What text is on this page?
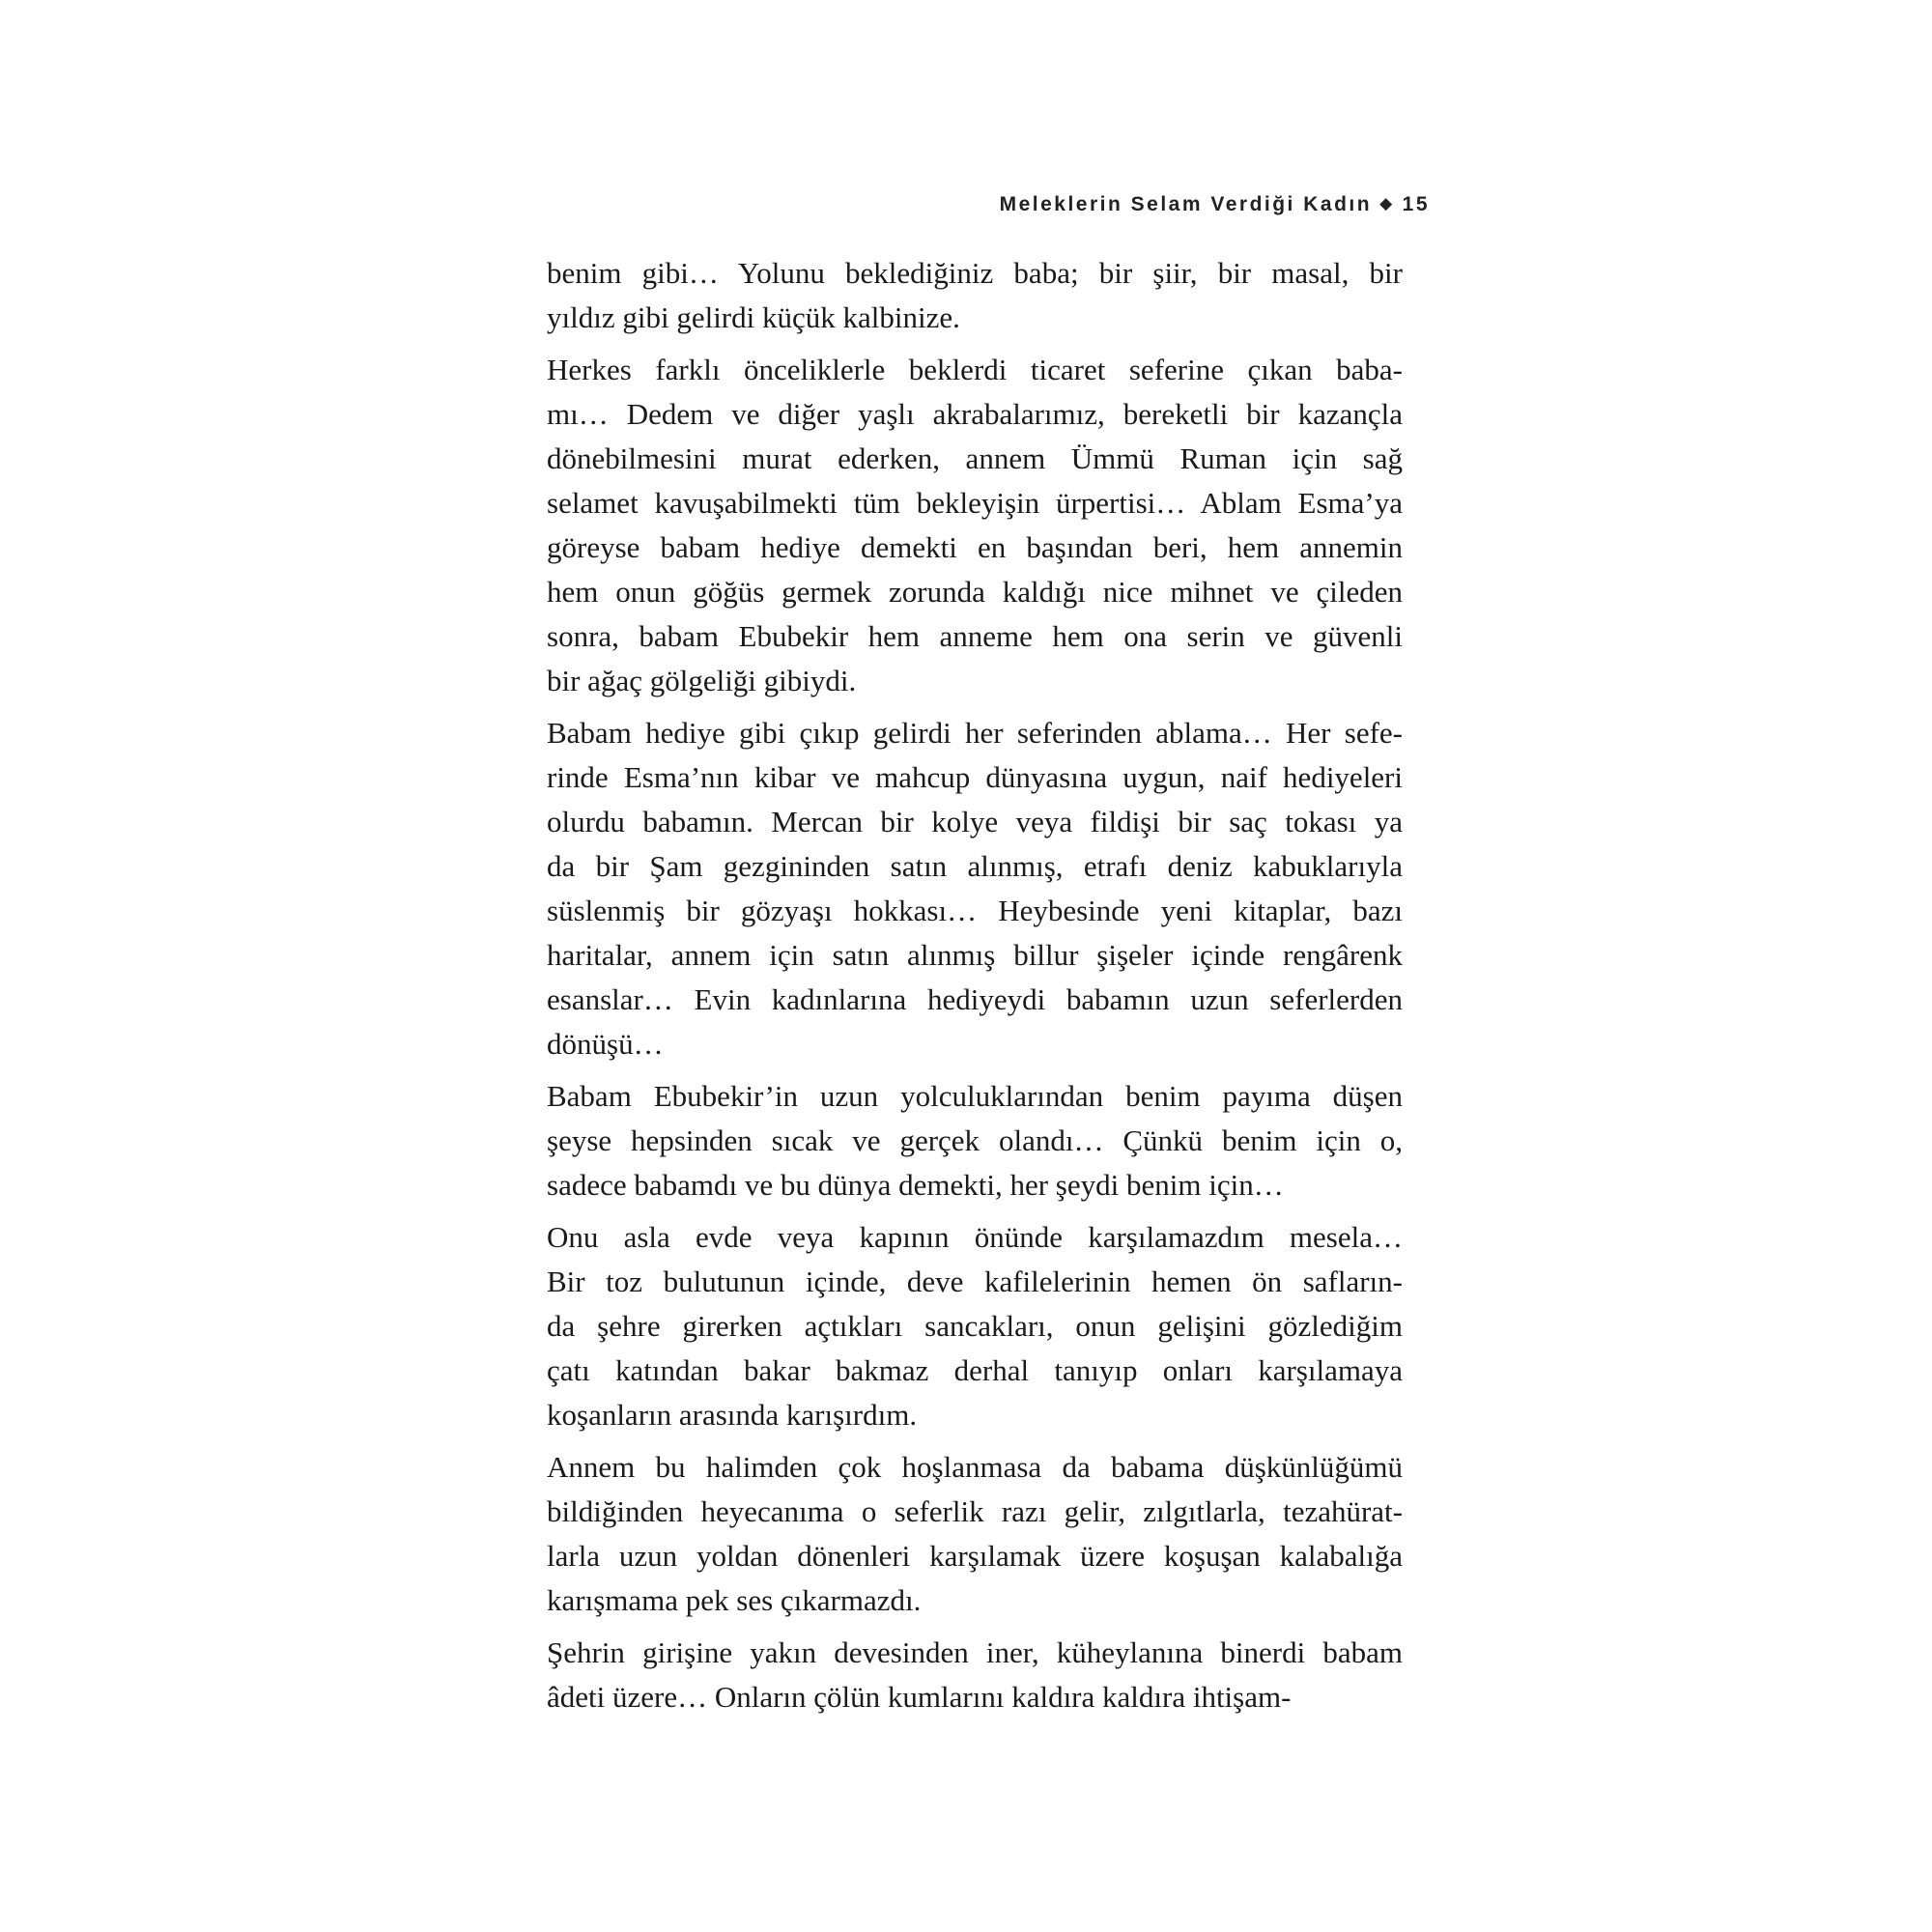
Meleklerin Selam Verdiği Kadın ◆ 15
benim gibi… Yolunu beklediğiniz baba; bir şiir, bir masal, bir
yıldız gibi gelirdi küçük kalbinize.
Herkes farklı önceliklerle beklerdi ticaret seferine çıkan baba-
mı… Dedem ve diğer yaşlı akrabalarımız, bereketli bir kazançla
dönebilmesini murat ederken, annem Ümmü Ruman için sağ
selamet kavuşabilmekti tüm bekleyişin ürpertisi… Ablam Esma’ya
göreyse babam hediye demekti en başından beri, hem annemin
hem onun göğüs germek zorunda kaldığı nice mihnet ve çileden
sonra, babam Ebubekir hem anneme hem ona serin ve güvenli
bir ağaç gölgeliği gibiydi.
Babam hediye gibi çıkıp gelirdi her seferinden ablama… Her sefe-
rinde Esma’nın kibar ve mahcup dünyasına uygun, naif hediyeleri
olurdu babamın. Mercan bir kolye veya fildişi bir saç tokası ya
da bir Şam gezgininden satın alınmış, etrafı deniz kabuklarıyla
süslenmiş bir gözyaşı hokkası… Heybesinde yeni kitaplar, bazı
haritalar, annem için satın alınmış billur şişeler içinde rengârenk
esanslar… Evin kadınlarına hediyeydi babamın uzun seferlerden
dönüşü…
Babam Ebubekir’in uzun yolculuklarından benim payıma düşen
şeyse hepsinden sıcak ve gerçek olandı… Çünkü benim için o,
sadece babamdı ve bu dünya demekti, her şeydi benim için…
Onu asla evde veya kapının önünde karşılamazdım mesela…
Bir toz bulutunun içinde, deve kafilelerinin hemen ön safların-
da şehre girerken açtıkları sancakları, onun gelişini gözlediğim
çatı katından bakar bakmaz derhal tanıyıp onları karşılamaya
koşanların arasında karışırdım.
Annem bu halimden çok hoşlanmasa da babama düşkünlüğümü
bildiğinden heyecanıma o seferlik razı gelir, zılgıtlarla, tezahürat-
larla uzun yoldan dönenleri karşılamak üzere koşuşan kalabalığa
karışmama pek ses çıkarmazdı.
Şehrin girişine yakın devesinden iner, küheylanına binerdi babam
âdeti üzere… Onların çölün kumlarını kaldıra kaldıra ihtişam-
